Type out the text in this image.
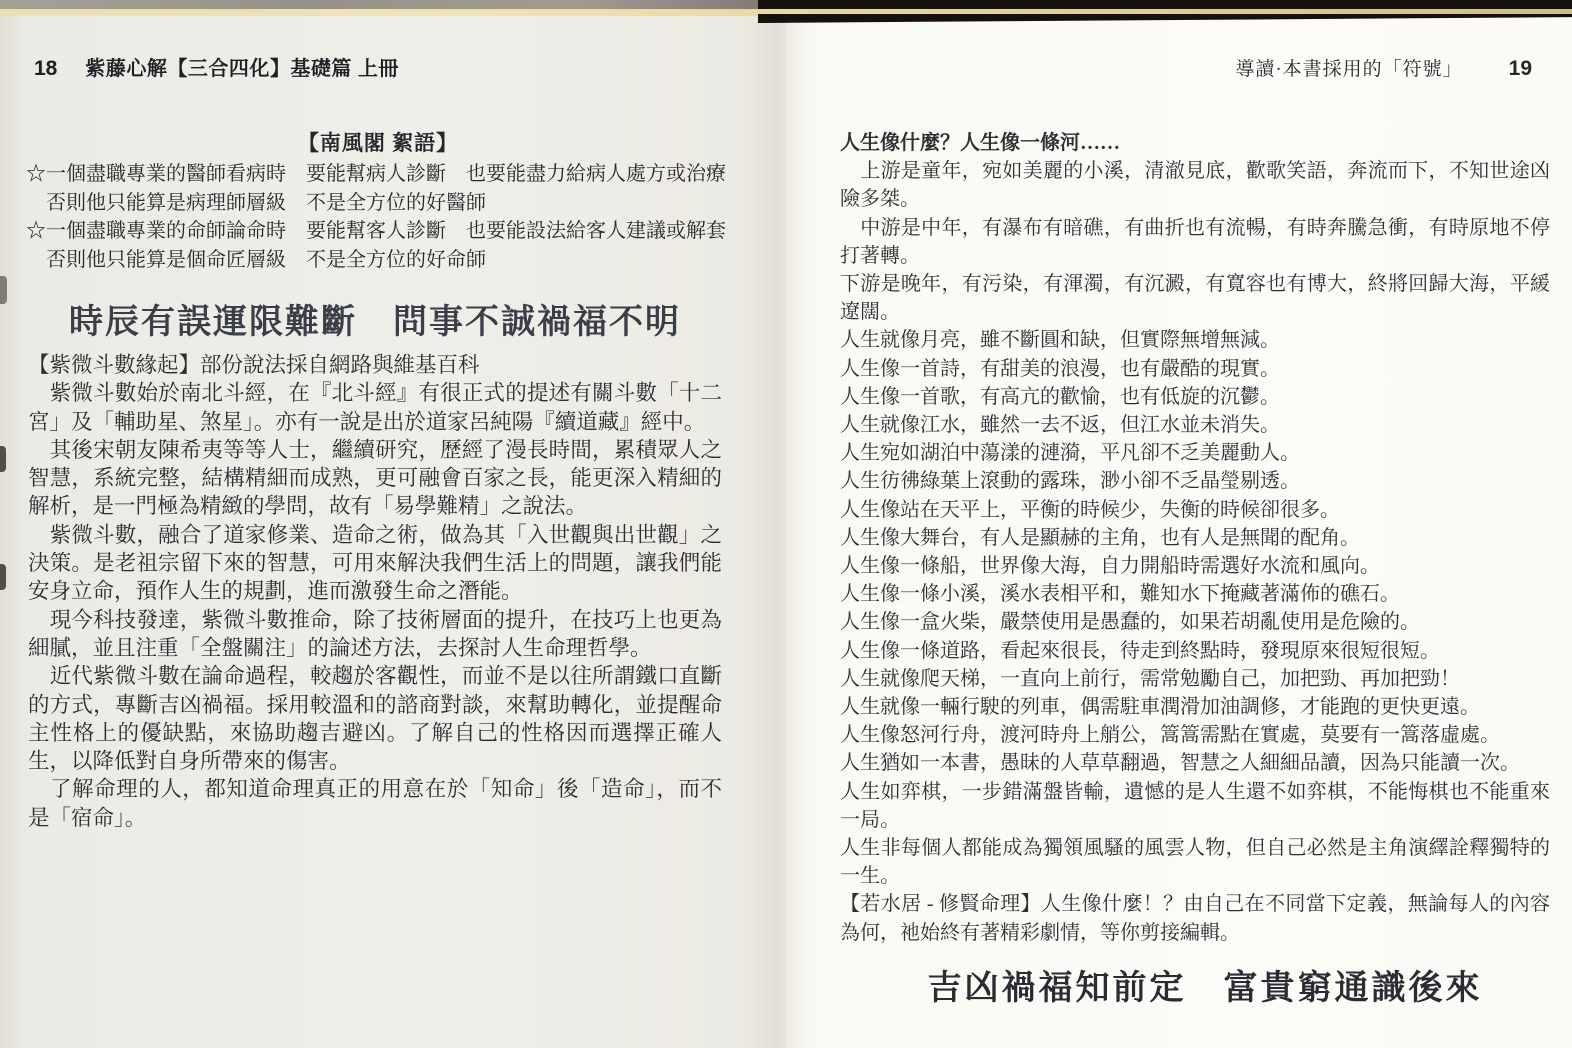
18 紫藤心解【三合四化】基礎篇 上冊
【南風閣 絮語】
☆一個盡職專業的醫師看病時　要能幫病人診斷　也要能盡力給病人處方或治療
　否則他只能算是病理師層級　不是全方位的好醫師
☆一個盡職專業的命師論命時　要能幫客人診斷　也要能設法給客人建議或解套
　否則他只能算是個命匠層級　不是全方位的好命師
時辰有誤運限難斷　問事不誠禍福不明

【紫微斗數緣起】部份說法採自網路與維基百科

　紫微斗數始於南北斗經，在『北斗經』有很正式的提述有關斗數「十二宮」及「輔助星、煞星」。亦有一說是出於道家呂純陽『續道藏』經中。

　其後宋朝友陳希夷等等人士，繼續研究，歷經了漫長時間，累積眾人之智慧，系統完整，結構精細而成熟，更可融會百家之長，能更深入精細的解析，是一門極為精緻的學問，故有「易學難精」之說法。

　紫微斗數，融合了道家修業、造命之術，做為其「入世觀與出世觀」之決策。是老祖宗留下來的智慧，可用來解決我們生活上的問題，讓我們能安身立命，預作人生的規劃，進而激發生命之潛能。

　現今科技發達，紫微斗數推命，除了技術層面的提升，在技巧上也更為細膩，並且注重「全盤關注」的論述方法，去探討人生命理哲學。

　近代紫微斗數在論命過程，較趨於客觀性，而並不是以往所謂鐵口直斷的方式，專斷吉凶禍福。採用較溫和的諮商對談，來幫助轉化，並提醒命主性格上的優缺點，來協助趨吉避凶。了解自己的性格因而選擇正確人生，以降低對自身所帶來的傷害。

　了解命理的人，都知道命理真正的用意在於「知命」後「造命」，而不是「宿命」。

導讀·本書採用的「符號」 19

人生像什麼？人生像一條河……

　上游是童年，宛如美麗的小溪，清澈見底，歡歌笑語，奔流而下，不知世途凶險多桀。

　中游是中年，有瀑布有暗礁，有曲折也有流暢，有時奔騰急衝，有時原地不停打著轉。

下游是晚年，有污染，有渾濁，有沉澱，有寬容也有博大，終將回歸大海，平緩遼闊。

人生就像月亮，雖不斷圓和缺，但實際無增無減。

人生像一首詩，有甜美的浪漫，也有嚴酷的現實。

人生像一首歌，有高亢的歡愉，也有低旋的沉鬱。

人生就像江水，雖然一去不返，但江水並未消失。

人生宛如湖泊中蕩漾的漣漪，平凡卻不乏美麗動人。

人生彷彿綠葉上滾動的露珠，渺小卻不乏晶瑩剔透。

人生像站在天平上，平衡的時候少，失衡的時候卻很多。

人生像大舞台，有人是顯赫的主角，也有人是無聞的配角。

人生像一條船，世界像大海，自力開船時需選好水流和風向。

人生像一條小溪，溪水表相平和，難知水下掩藏著滿佈的礁石。

人生像一盒火柴，嚴禁使用是愚蠢的，如果若胡亂使用是危險的。

人生像一條道路，看起來很長，待走到終點時，發現原來很短很短。

人生就像爬天梯，一直向上前行，需常勉勵自己，加把勁、再加把勁！

人生就像一輛行駛的列車，偶需駐車潤滑加油調修，才能跑的更快更遠。

人生像怒河行舟，渡河時舟上艄公，篙篙需點在實處，莫要有一篙落虛處。

人生猶如一本書，愚昧的人草草翻過，智慧之人細細品讀，因為只能讀一次。

人生如弈棋，一步錯滿盤皆輸，遺憾的是人生還不如弈棋，不能悔棋也不能重來一局。

人生非每個人都能成為獨領風騷的風雲人物，但自己必然是主角演繹詮釋獨特的一生。

【若水居 - 修賢命理】人生像什麼！？由自己在不同當下定義，無論每人的內容為何，祂始終有著精彩劇情，等你剪接編輯。

吉凶禍福知前定　富貴窮通識後來
